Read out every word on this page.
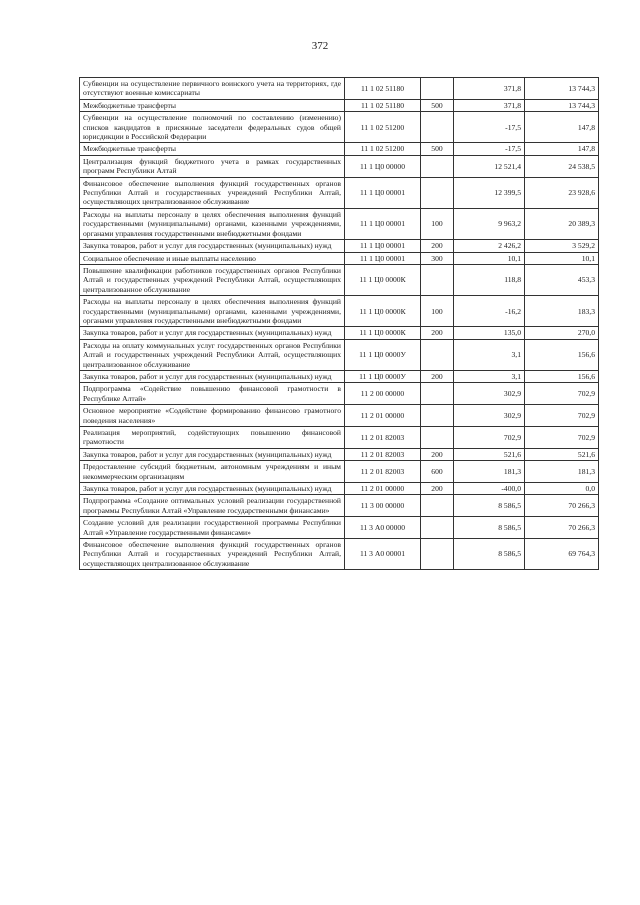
372
Субвенции на осуществление первичного воинского учета на территориях, где отсутствуют военные комиссариаты	11 1 02 51180		371,8	13 744,3
Межбюджетные трансферты	11 1 02 51180	500	371,8	13 744,3
Субвенции на осуществление полномочий по составлению (изменению) списков кандидатов в присяжные заседатели федеральных судов общей юрисдикции в Российской Федерации	11 1 02 51200		-17,5	147,8
Межбюджетные трансферты	11 1 02 51200	500	-17,5	147,8
Централизация функций бюджетного учета в рамках государственных программ Республики Алтай	11 1 Ц0 00000		12 521,4	24 538,5
Финансовое обеспечение выполнения функций государственных органов Республики Алтай и государственных учреждений Республики Алтай, осуществляющих централизованное обслуживание	11 1 Ц0 00001		12 399,5	23 928,6
Расходы на выплаты персоналу в целях обеспечения выполнения функций государственными (муниципальными) органами, казенными учреждениями, органами управления государственными внебюджетными фондами	11 1 Ц0 00001	100	9 963,2	20 389,3
Закупка товаров, работ и услуг для государственных (муниципальных) нужд	11 1 Ц0 00001	200	2 426,2	3 529,2
Социальное обеспечение и иные выплаты населению	11 1 Ц0 00001	300	10,1	10,1
Повышение квалификации работников государственных органов Республики Алтай и государственных учреждений Республики Алтай, осуществляющих централизованное обслуживание	11 1 Ц0 0000К		118,8	453,3
Расходы на выплаты персоналу в целях обеспечения выполнения функций государственными (муниципальными) органами, казенными учреждениями, органами управления государственными внебюджетными фондами	11 1 Ц0 0000К	100	-16,2	183,3
Закупка товаров, работ и услуг для государственных (муниципальных) нужд	11 1 Ц0 0000К	200	135,0	270,0
Расходы на оплату коммунальных услуг государственных органов Республики Алтай и государственных учреждений Республики Алтай, осуществляющих централизованное обслуживание	11 1 Ц0 0000У		3,1	156,6
Закупка товаров, работ и услуг для государственных (муниципальных) нужд	11 1 Ц0 0000У	200	3,1	156,6
Подпрограмма «Содействие повышению финансовой грамотности в Республике Алтай»	11 2 00 00000		302,9	702,9
Основное мероприятие «Содействие формированию финансово грамотного поведения населения»	11 2 01 00000		302,9	702,9
Реализация мероприятий, содействующих повышению финансовой грамотности	11 2 01 82003		702,9	702,9
Закупка товаров, работ и услуг для государственных (муниципальных) нужд	11 2 01 82003	200	521,6	521,6
Предоставление субсидий бюджетным, автономным учреждениям и иным некоммерческим организациям	11 2 01 82003	600	181,3	181,3
Закупка товаров, работ и услуг для государственных (муниципальных) нужд	11 2 01 00000	200	-400,0	0,0
Подпрограмма «Создание оптимальных условий реализации государственной программы Республики Алтай «Управление государственными финансами»	11 3 00 00000		8 586,5	70 266,3
Создание условий для реализации государственной программы Республики Алтай «Управление государственными финансами»	11 3 А0 00000		8 586,5	70 266,3
Финансовое обеспечение выполнения функций государственных органов Республики Алтай и государственных учреждений Республики Алтай, осуществляющих централизованное обслуживание	11 3 А0 00001		8 586,5	69 764,3
